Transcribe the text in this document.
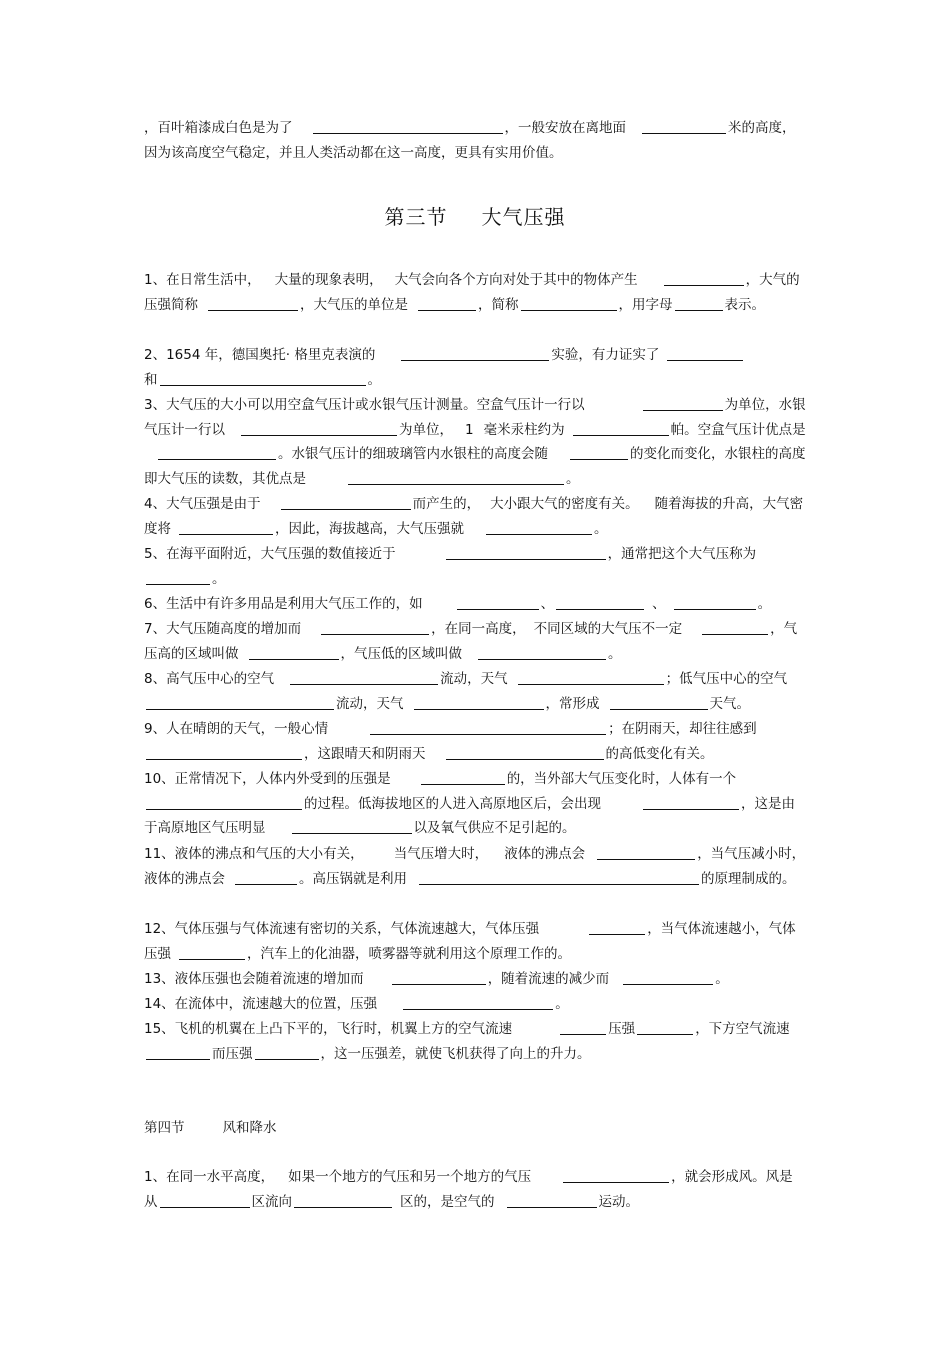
，百叶箱漆成白色是为了	，一般安放在离地面	米的高度，因为该高度空气稳定，并且人类活动都在这一高度，更具有实用价值。
第三节 大气压强
1、在日常生活中， 大量的现象表明， 大气会向各个方向对处于其中的物体产生	，大气的压强简称	，大气压的单位是	，简称	，用字母	表示。
2、1654 年，德国奥托· 格里克表演的	实验，有力证实了
和	。
3、大气压的大小可以用空盒气压计或水银气压计测量。空盒气压计一行以	为单位，水银气压计一行以	为单位， 1 毫米汞柱约为	帕。空盒气压计优点是。水银气压计的细玻璃管内水银柱的高度会随	的变化而变化，水银柱的高度即大气压的读数，其优点是	。
4、大气压强是由于	而产生的， 大小跟大气的密度有关。 随着海拔的升高，大气密度将	，因此，海拔越高，大气压强就	。
5、在海平面附近，大气压强的数值接近于	，通常把这个大气压称为。
6、生活中有许多用品是利用大气压工作的，如	、	、	。
7、大气压随高度的增加而	，在同一高度， 不同区域的大气压不一定	，气压高的区域叫做	，气压低的区域叫做	。
8、高气压中心的空气	流动，天气	；低气压中心的空气流动，天气	，常形成	天气。
9、人在晴朗的天气，一般心情	；在阴雨天，却往往感到，这跟晴天和阴雨天	的高低变化有关。
10、正常情况下，人体内外受到的压强是	的，当外部大气压变化时，人体有一个的过程。低海拔地区的人进入高原地区后，会出现	，这是由于高原地区气压明显	以及氧气供应不足引起的。
11、液体的沸点和气压的大小有关， 当气压增大时， 液体的沸点会	，当气压减小时，液体的沸点会	。高压锅就是利用	的原理制成的。
12、气体压强与气体流速有密切的关系，气体流速越大，气体压强	，当气体流速越小，气体压强	，汽车上的化油器，喷雾器等就利用这个原理工作的。
13、液体压强也会随着流速的增加而	，随着流速的减少而	。
14、在流体中，流速越大的位置，压强	。
15、飞机的机翼在上凸下平的，飞行时，机翼上方的空气流速	压强	，下方空气流速而压强	，这一压强差，就使飞机获得了向上的升力。
第四节	风和降水
1、在同一水平高度， 如果一个地方的气压和另一个地方的气压	，就会形成风。风是从	区流向	区的，是空气的	运动。
